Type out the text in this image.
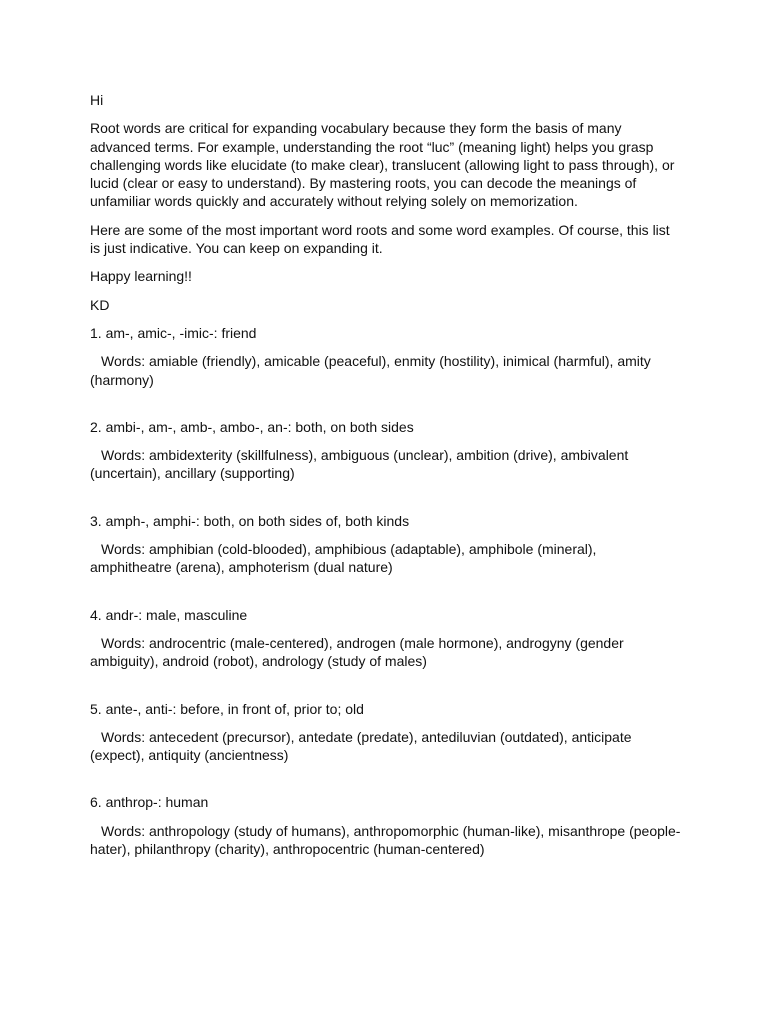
Hi

Root words are critical for expanding vocabulary because they form the basis of many advanced terms. For example, understanding the root “luc” (meaning light) helps you grasp challenging words like elucidate (to make clear), translucent (allowing light to pass through), or lucid (clear or easy to understand). By mastering roots, you can decode the meanings of unfamiliar words quickly and accurately without relying solely on memorization.

Here are some of the most important word roots and some word examples. Of course, this list is just indicative. You can keep on expanding it.

Happy learning!!

KD

1. am-, amic-, -imic-: friend

Words: amiable (friendly), amicable (peaceful), enmity (hostility), inimical (harmful), amity (harmony)

2. ambi-, am-, amb-, ambo-, an-: both, on both sides

Words: ambidexterity (skillfulness), ambiguous (unclear), ambition (drive), ambivalent (uncertain), ancillary (supporting)

3. amph-, amphi-: both, on both sides of, both kinds

Words: amphibian (cold-blooded), amphibious (adaptable), amphibole (mineral), amphitheatre (arena), amphoterism (dual nature)

4. andr-: male, masculine

Words: androcentric (male-centered), androgen (male hormone), androgyny (gender ambiguity), android (robot), andrology (study of males)

5. ante-, anti-: before, in front of, prior to; old

Words: antecedent (precursor), antedate (predate), antediluvian (outdated), anticipate (expect), antiquity (ancientness)

6. anthrop-: human

Words: anthropology (study of humans), anthropomorphic (human-like), misanthrope (people-hater), philanthropy (charity), anthropocentric (human-centered)
